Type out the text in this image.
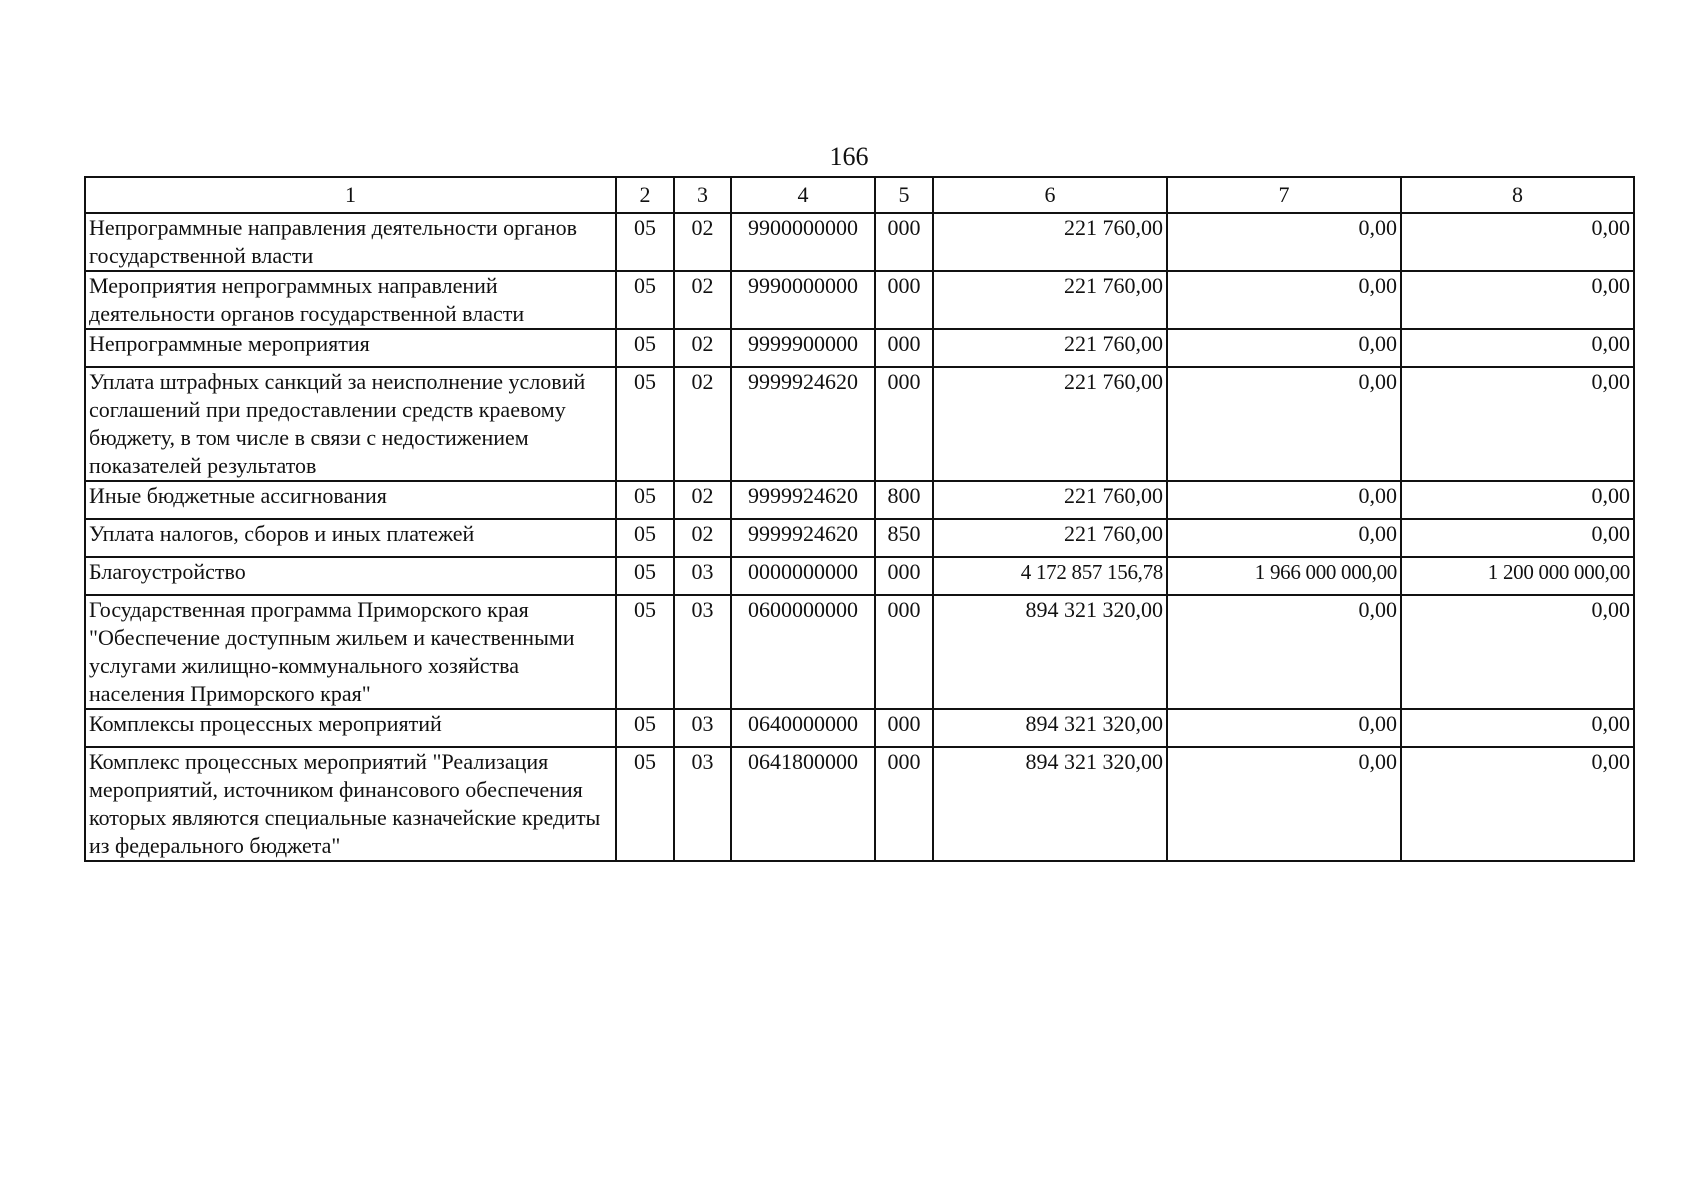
166
1	2	3	4	5	6	7	8
Непрограммные направления деятельности органов государственной власти	05	02	9900000000	000	221 760,00	0,00	0,00
Мероприятия непрограммных направлений деятельности органов государственной власти	05	02	9990000000	000	221 760,00	0,00	0,00
Непрограммные мероприятия	05	02	9999900000	000	221 760,00	0,00	0,00
Уплата штрафных санкций за неисполнение условий соглашений при предоставлении средств краевому бюджету, в том числе в связи с недостижением показателей результатов	05	02	9999924620	000	221 760,00	0,00	0,00
Иные бюджетные ассигнования	05	02	9999924620	800	221 760,00	0,00	0,00
Уплата налогов, сборов и иных платежей	05	02	9999924620	850	221 760,00	0,00	0,00
Благоустройство	05	03	0000000000	000	4 172 857 156,78	1 966 000 000,00	1 200 000 000,00
Государственная программа Приморского края "Обеспечение доступным жильем и качественными услугами жилищно-коммунального хозяйства населения Приморского края"	05	03	0600000000	000	894 321 320,00	0,00	0,00
Комплексы процессных мероприятий	05	03	0640000000	000	894 321 320,00	0,00	0,00
Комплекс процессных мероприятий "Реализация мероприятий, источником финансового обеспечения которых являются специальные казначейские кредиты из федерального бюджета"	05	03	0641800000	000	894 321 320,00	0,00	0,00
